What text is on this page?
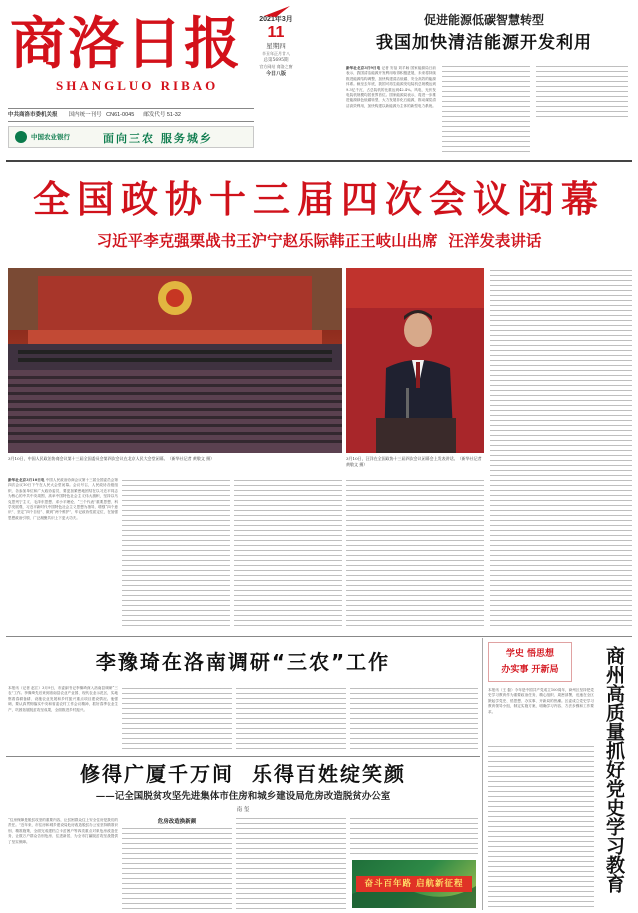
商洛日报
SHANGLUO RIBAO
2021年3月
11
星期四
辛丑年正月廿八
总第5695期
官方网站 商洛之窗
今日八版
中共商洛市委机关报 国内统一刊号 CN61-0045 邮发代号 51-32
中国农业银行	面向三农 服务城乡
促进能源低碳智慧转型
我国加快清洁能源开发利用
新华社北京3月9日电 记者 安蓓 刘羊旸 国家能源局日前表示，我国清洁能源开发利用取得积极进展，未来将持续推进能源结构调整，加快构建清洁低碳、安全高效的能源体系。截至去年底，我国可再生能源发电装机总规模达到9.3亿千瓦，占总装机的比重达到42.4%。风电、光伏发电装机规模均居世界首位。国家能源局表示，将进一步推进能源绿色低碳转型，大力发展非化石能源，推动煤炭清洁高效利用，加快构建以新能源为主体的新型电力系统。
全国政协十三届四次会议闭幕
习近平李克强栗战书王沪宁赵乐际韩正王岐山出席  汪洋发表讲话
3月10日，中国人民政治协商会议第十三届全国委员会第四次会议在北京人民大会堂闭幕。（新华社记者 黄敬文 摄）	3月10日，汪洋在全国政协十三届四次会议闭幕会上发表讲话。（新华社记者 黄敬文 摄）
新华社北京3月10日电 中国人民政治协商会议第十三届全国委员会第四次会议10日下午在人民大会堂闭幕。会议号召，人民政协各级组织、各参加单位和广大政协委员，要更加紧密地团结在以习近平同志为核心的中共中央周围，高举中国特色社会主义伟大旗帜，坚持以马克思列宁主义、毛泽东思想、邓小平理论、“三个代表”重要思想、科学发展观、习近平新时代中国特色社会主义思想为指导，增强“四个意识”、坚定“四个自信”、做到“两个维护”，牢记政协性质定位，在加强思想政治引领、广泛凝聚共识上下更大功夫。
李豫琦在洛南调研“三农”工作
本报讯（记者 赵江）3月9日，市委副书记李豫琦深入洛南县调研“三农”工作。李豫琦先后来到洛南县农业产业园、现代农业示范区，实地察看春耕备耕、设施农业发展和乡村振兴重点项目建设情况。他强调，要认真贯彻落实中央和省委农村工作会议精神，抓好春季农业生产，巩固拓展脱贫攻坚成果，全面推进乡村振兴。
修得广厦千万间  乐得百姓绽笑颜
——记全国脱贫攻坚先进集体市住房和城乡建设局危房改造脱贫办公室
南 玺
“住房保障是脱贫攻坚的重要内容，让贫困群众住上安全住房是我们的责任。”近年来，市住房和城乡建设局危房改造脱贫办公室坚持精准识别、精准施策，全面完成建档立卡贫困户等四类重点对象危房改造任务，让数万户群众告别危房、住进新居，为全市打赢脱贫攻坚战提供了坚实保障。
危房改造换新颜
奋斗百年路 启航新征程
学史 悟思想
办实事 开新局	商州高质量抓好党史学习教育
本报讯（王 磊）今年是中国共产党成立100周年，商州区坚持把党史学习教育作为重要政治任务，精心组织、周密部署，迅速在全区掀起学党史、悟思想、办实事、开新局的热潮。区委成立党史学习教育领导小组，制定实施方案，明确学习内容、方法步骤和工作要求。
